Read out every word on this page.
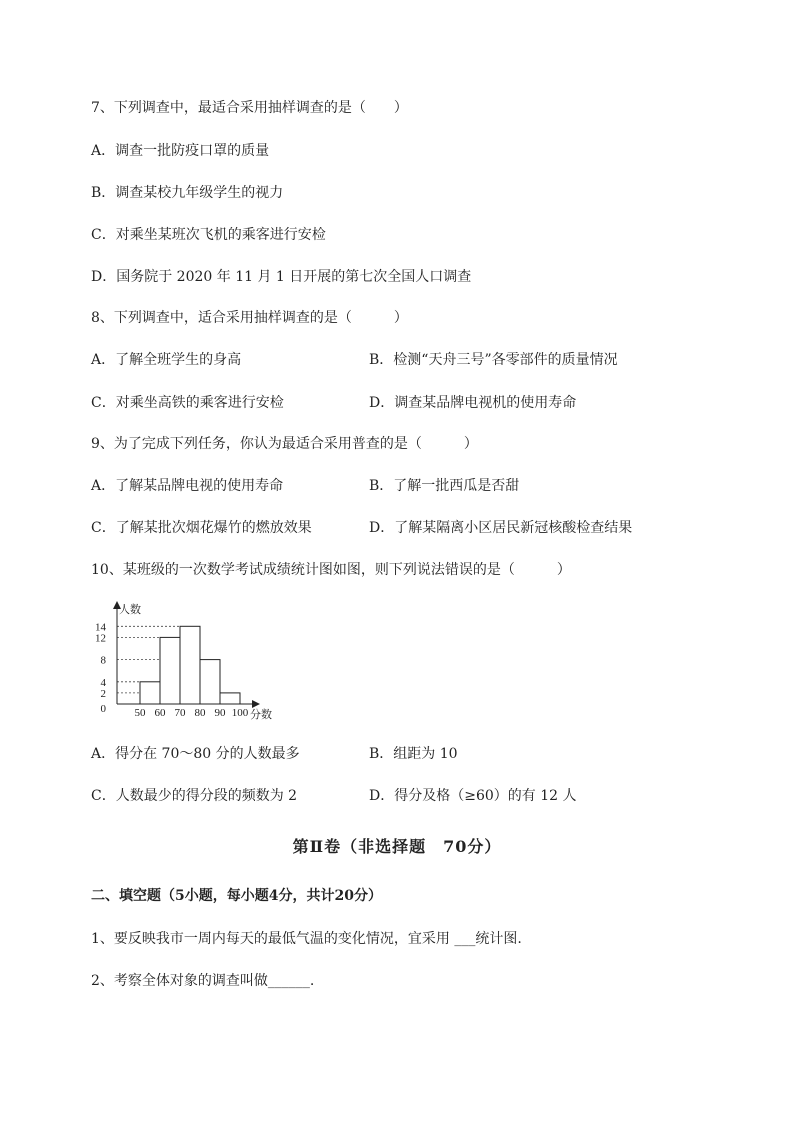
7、下列调查中，最适合采用抽样调查的是（　　）
A．调查一批防疫口罩的质量
B．调查某校九年级学生的视力
C．对乘坐某班次飞机的乘客进行安检
D．国务院于 2020 年 11 月 1 日开展的第七次全国人口调查
8、下列调查中，适合采用抽样调查的是（　　　）
A．了解全班学生的身高	B．检测“天舟三号”各零部件的质量情况
C．对乘坐高铁的乘客进行安检	D．调查某品牌电视机的使用寿命
9、为了完成下列任务，你认为最适合采用普查的是（　　　）
A．了解某品牌电视的使用寿命	B．了解一批西瓜是否甜
C．了解某批次烟花爆竹的燃放效果	D．了解某隔离小区居民新冠核酸检查结果
10、某班级的一次数学考试成绩统计图如图，则下列说法错误的是（　　　）
0
2
4
8
12
14
50 60 70 80 90 100
人数
分数
A．得分在 70～80 分的人数最多	B．组距为 10
C．人数最少的得分段的频数为 2	D．得分及格（≥60）的有 12 人
第Ⅱ卷（非选择题　70分）
二、填空题（5小题，每小题4分，共计20分）
1、要反映我市一周内每天的最低气温的变化情况，宜采用 ___统计图.
2、考察全体对象的调查叫做______.
